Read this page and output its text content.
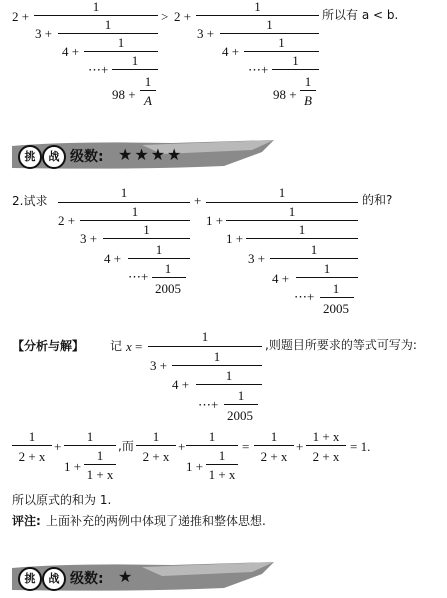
2 +
1
3 +
1
4 +
1
⋯+
1
98 +
1
A
> 2 +
1
3 +
1
4 +
1
⋯+
1
98 +
1
B
所以有 a < b.
挑	战 级数: ★★★★
2.试求
1
2 +
1
3 +
1
4 +
1
⋯+
1
2005
+
1
1 +
1
1 +
1
3 +
1
4 +
1
⋯+
1
2005
的和?
【分析与解】 记 x =
1
3 +
1
4 +
1
⋯+
1
2005
,则题目所要求的等式可写为:
1
2 + x
+
1
1 +
1
1 + x
,而
1
2 + x
+
1
1 +
1
1 + x
=
1
2 + x
+
1 + x
2 + x
= 1.
所以原式的和为 1.
评注: 上面补充的两例中体现了递推和整体思想.
挑	战 级数: ★
